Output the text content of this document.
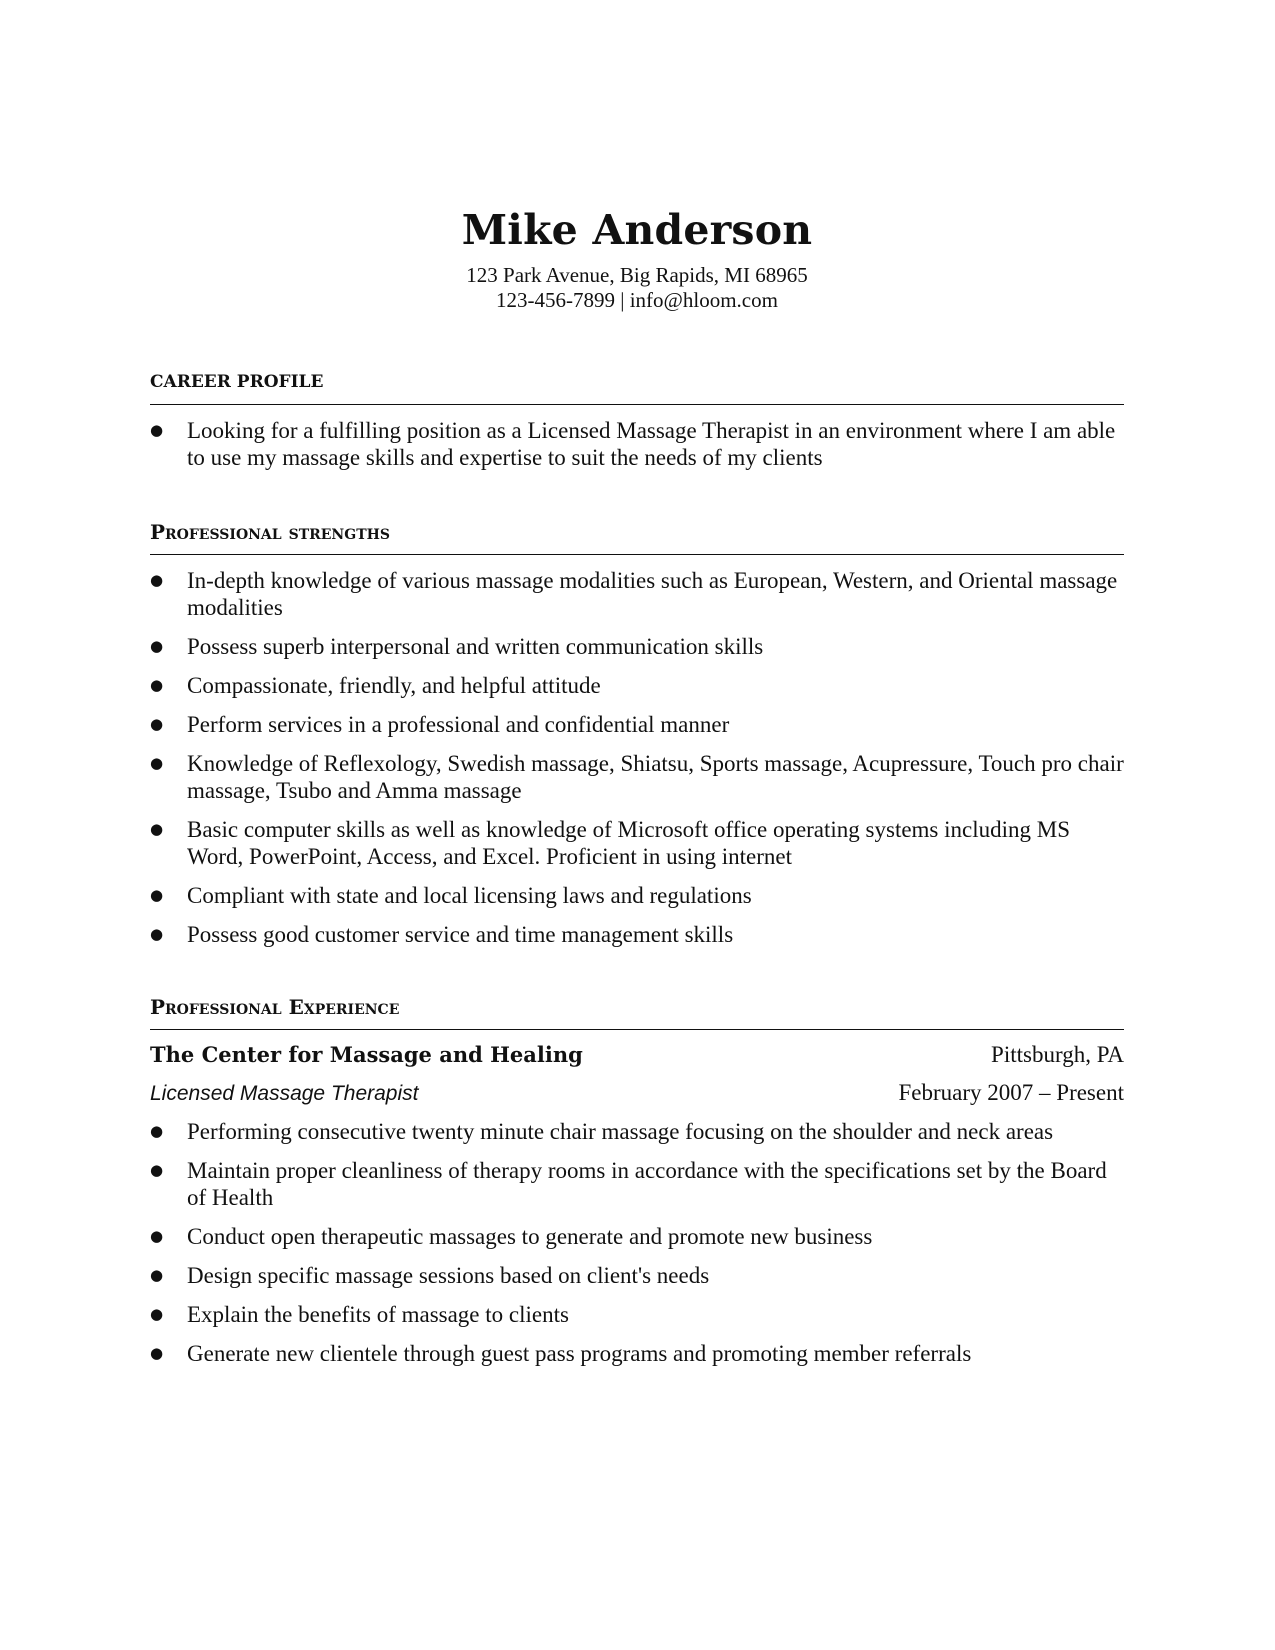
Mike Anderson
123 Park Avenue, Big Rapids, MI 68965
123-456-7899 | info@hloom.com
CAREER PROFILE
● Looking for a fulfilling position as a Licensed Massage Therapist in an environment where I am able to use my massage skills and expertise to suit the needs of my clients
Professional strengths
● In-depth knowledge of various massage modalities such as European, Western, and Oriental massage modalities
● Possess superb interpersonal and written communication skills
● Compassionate, friendly, and helpful attitude
● Perform services in a professional and confidential manner
● Knowledge of Reflexology, Swedish massage, Shiatsu, Sports massage, Acupressure, Touch pro chair massage, Tsubo and Amma massage
● Basic computer skills as well as knowledge of Microsoft office operating systems including MS Word, PowerPoint, Access, and Excel. Proficient in using internet
● Compliant with state and local licensing laws and regulations
● Possess good customer service and time management skills
Professional Experience
The Center for Massage and Healing	Pittsburgh, PA
Licensed Massage Therapist	February 2007 – Present
● Performing consecutive twenty minute chair massage focusing on the shoulder and neck areas
● Maintain proper cleanliness of therapy rooms in accordance with the specifications set by the Board of Health
● Conduct open therapeutic massages to generate and promote new business
● Design specific massage sessions based on client's needs
● Explain the benefits of massage to clients
● Generate new clientele through guest pass programs and promoting member referrals
